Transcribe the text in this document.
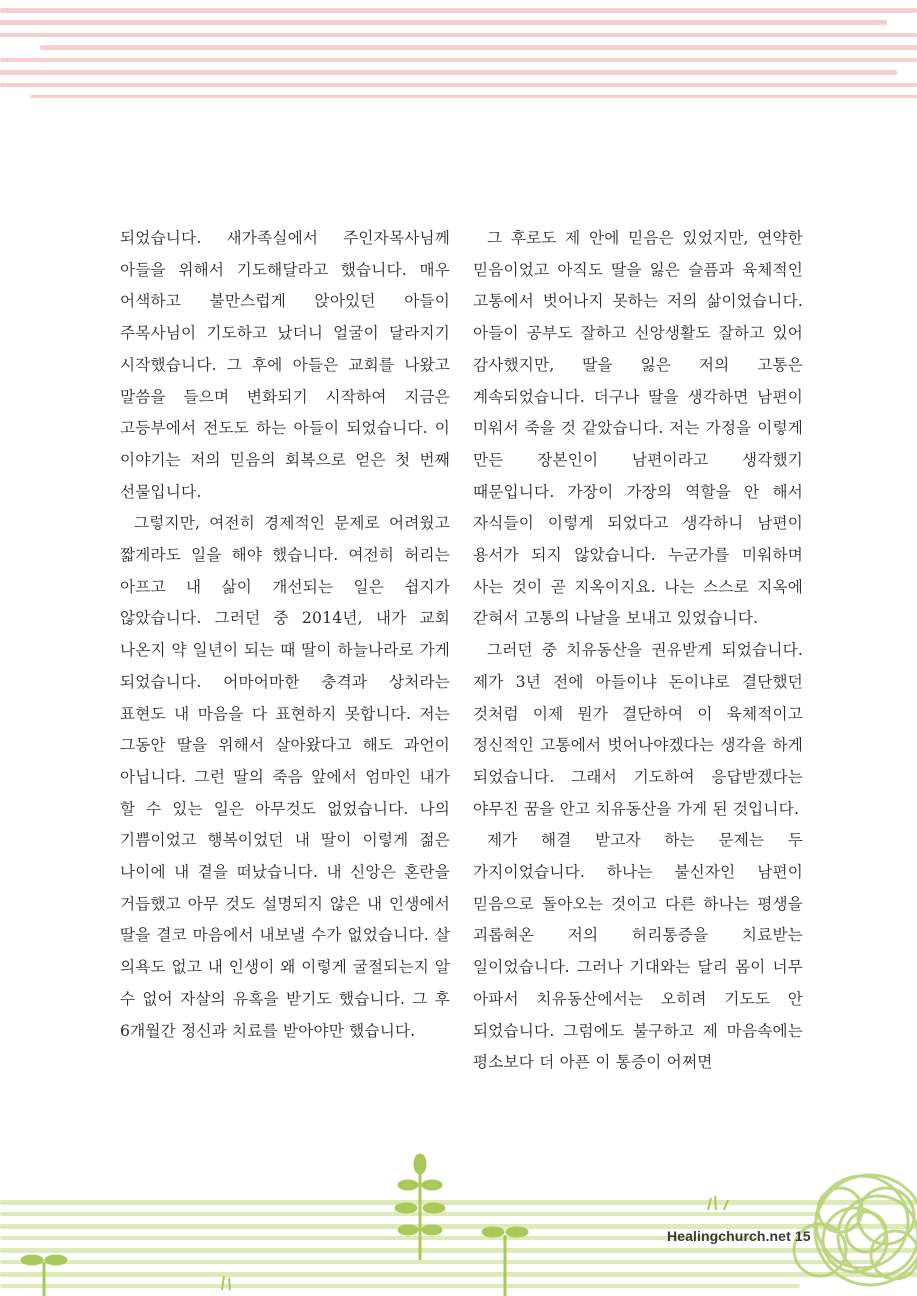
되었습니다. 새가족실에서 주인자목사님께 아들을 위해서 기도해달라고 했습니다. 매우 어색하고 불만스럽게 앉아있던 아들이 주목사님이 기도하고 났더니 얼굴이 달라지기 시작했습니다. 그 후에 아들은 교회를 나왔고 말씀을 들으며 변화되기 시작하여 지금은 고등부에서 전도도 하는 아들이 되었습니다. 이 이야기는 저의 믿음의 회복으로 얻은 첫 번째 선물입니다.

그렇지만, 여전히 경제적인 문제로 어려웠고 짧게라도 일을 해야 했습니다. 여전히 허리는 아프고 내 삶이 개선되는 일은 쉽지가 않았습니다. 그러던 중 2014년, 내가 교회 나온지 약 일년이 되는 때 딸이 하늘나라로 가게 되었습니다. 어마어마한 충격과 상처라는 표현도 내 마음을 다 표현하지 못합니다. 저는 그동안 딸을 위해서 살아왔다고 해도 과언이 아닙니다. 그런 딸의 죽음 앞에서 엄마인 내가 할 수 있는 일은 아무것도 없었습니다. 나의 기쁨이었고 행복이었던 내 딸이 이렇게 젊은 나이에 내 곁을 떠났습니다. 내 신앙은 혼란을 거듭했고 아무 것도 설명되지 않은 내 인생에서 딸을 결코 마음에서 내보낼 수가 없었습니다. 살 의욕도 없고 내 인생이 왜 이렇게 굴절되는지 알 수 없어 자살의 유혹을 받기도 했습니다. 그 후 6개월간 정신과 치료를 받아야만 했습니다.

그 후로도 제 안에 믿음은 있었지만, 연약한 믿음이었고 아직도 딸을 잃은 슬픔과 육체적인 고통에서 벗어나지 못하는 저의 삶이었습니다. 아들이 공부도 잘하고 신앙생활도 잘하고 있어 감사했지만, 딸을 잃은 저의 고통은 계속되었습니다. 더구나 딸을 생각하면 남편이 미워서 죽을 것 같았습니다. 저는 가정을 이렇게 만든 장본인이 남편이라고 생각했기 때문입니다. 가장이 가장의 역할을 안 해서 자식들이 이렇게 되었다고 생각하니 남편이 용서가 되지 않았습니다. 누군가를 미워하며 사는 것이 곧 지옥이지요. 나는 스스로 지옥에 갇혀서 고통의 나날을 보내고 있었습니다.

그러던 중 치유동산을 권유받게 되었습니다. 제가 3년 전에 아들이냐 돈이냐로 결단했던 것처럼 이제 뭔가 결단하여 이 육체적이고 정신적인 고통에서 벗어나야겠다는 생각을 하게 되었습니다. 그래서 기도하여 응답받겠다는 야무진 꿈을 안고 치유동산을 가게 된 것입니다.

제가 해결 받고자 하는 문제는 두 가지이었습니다. 하나는 불신자인 남편이 믿음으로 돌아오는 것이고 다른 하나는 평생을 괴롭혀온 저의 허리통증을 치료받는 일이었습니다. 그러나 기대와는 달리 몸이 너무 아파서 치유동산에서는 오히려 기도도 안 되었습니다. 그럼에도 불구하고 제 마음속에는 평소보다 더 아픈 이 통증이 어쩌면

Healingchurch.net 15
